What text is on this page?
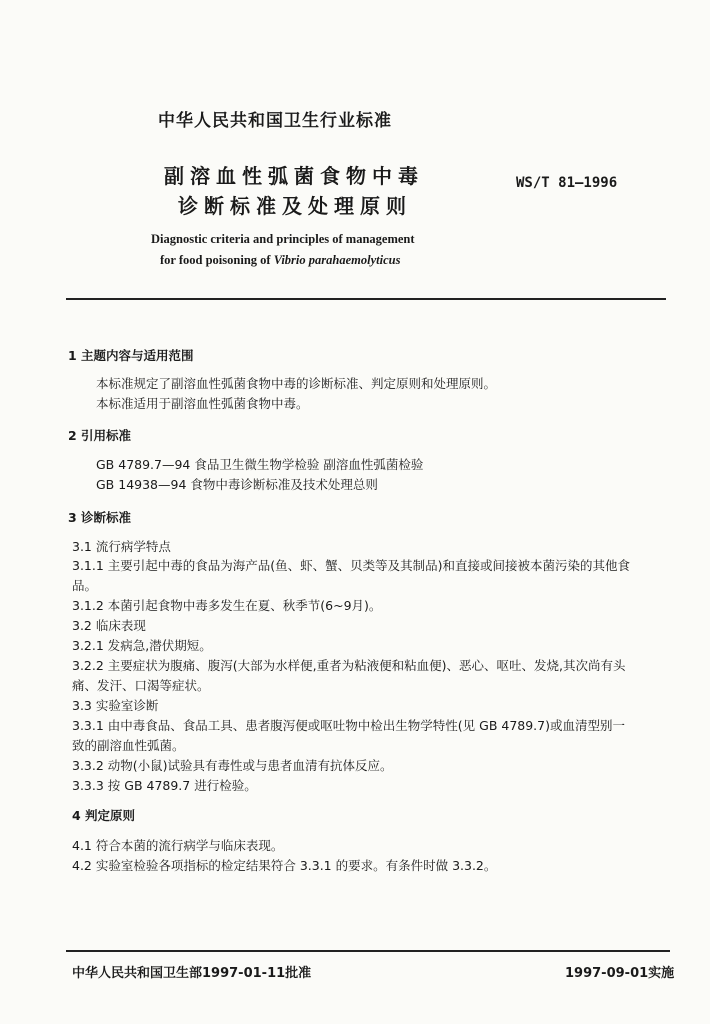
中华人民共和国卫生行业标准
副溶血性弧菌食物中毒
诊断标准及处理原则
WS/T 81—1996
Diagnostic criteria and principles of management
for food poisoning of Vibrio parahaemolyticus
1 主题内容与适用范围
本标准规定了副溶血性弧菌食物中毒的诊断标准、判定原则和处理原则。
本标准适用于副溶血性弧菌食物中毒。
2 引用标准
GB 4789.7—94 食品卫生微生物学检验 副溶血性弧菌检验
GB 14938—94 食物中毒诊断标准及技术处理总则
3 诊断标准
3.1 流行病学特点
3.1.1 主要引起中毒的食品为海产品(鱼、虾、蟹、贝类等及其制品)和直接或间接被本菌污染的其他食
品。
3.1.2 本菌引起食物中毒多发生在夏、秋季节(6~9月)。
3.2 临床表现
3.2.1 发病急,潜伏期短。
3.2.2 主要症状为腹痛、腹泻(大部为水样便,重者为粘液便和粘血便)、恶心、呕吐、发烧,其次尚有头
痛、发汗、口渴等症状。
3.3 实验室诊断
3.3.1 由中毒食品、食品工具、患者腹泻便或呕吐物中检出生物学特性(见 GB 4789.7)或血清型别一
致的副溶血性弧菌。
3.3.2 动物(小鼠)试验具有毒性或与患者血清有抗体反应。
3.3.3 按 GB 4789.7 进行检验。
4 判定原则
4.1 符合本菌的流行病学与临床表现。
4.2 实验室检验各项指标的检定结果符合 3.3.1 的要求。有条件时做 3.3.2。
中华人民共和国卫生部1997-01-11批准	1997-09-01实施
